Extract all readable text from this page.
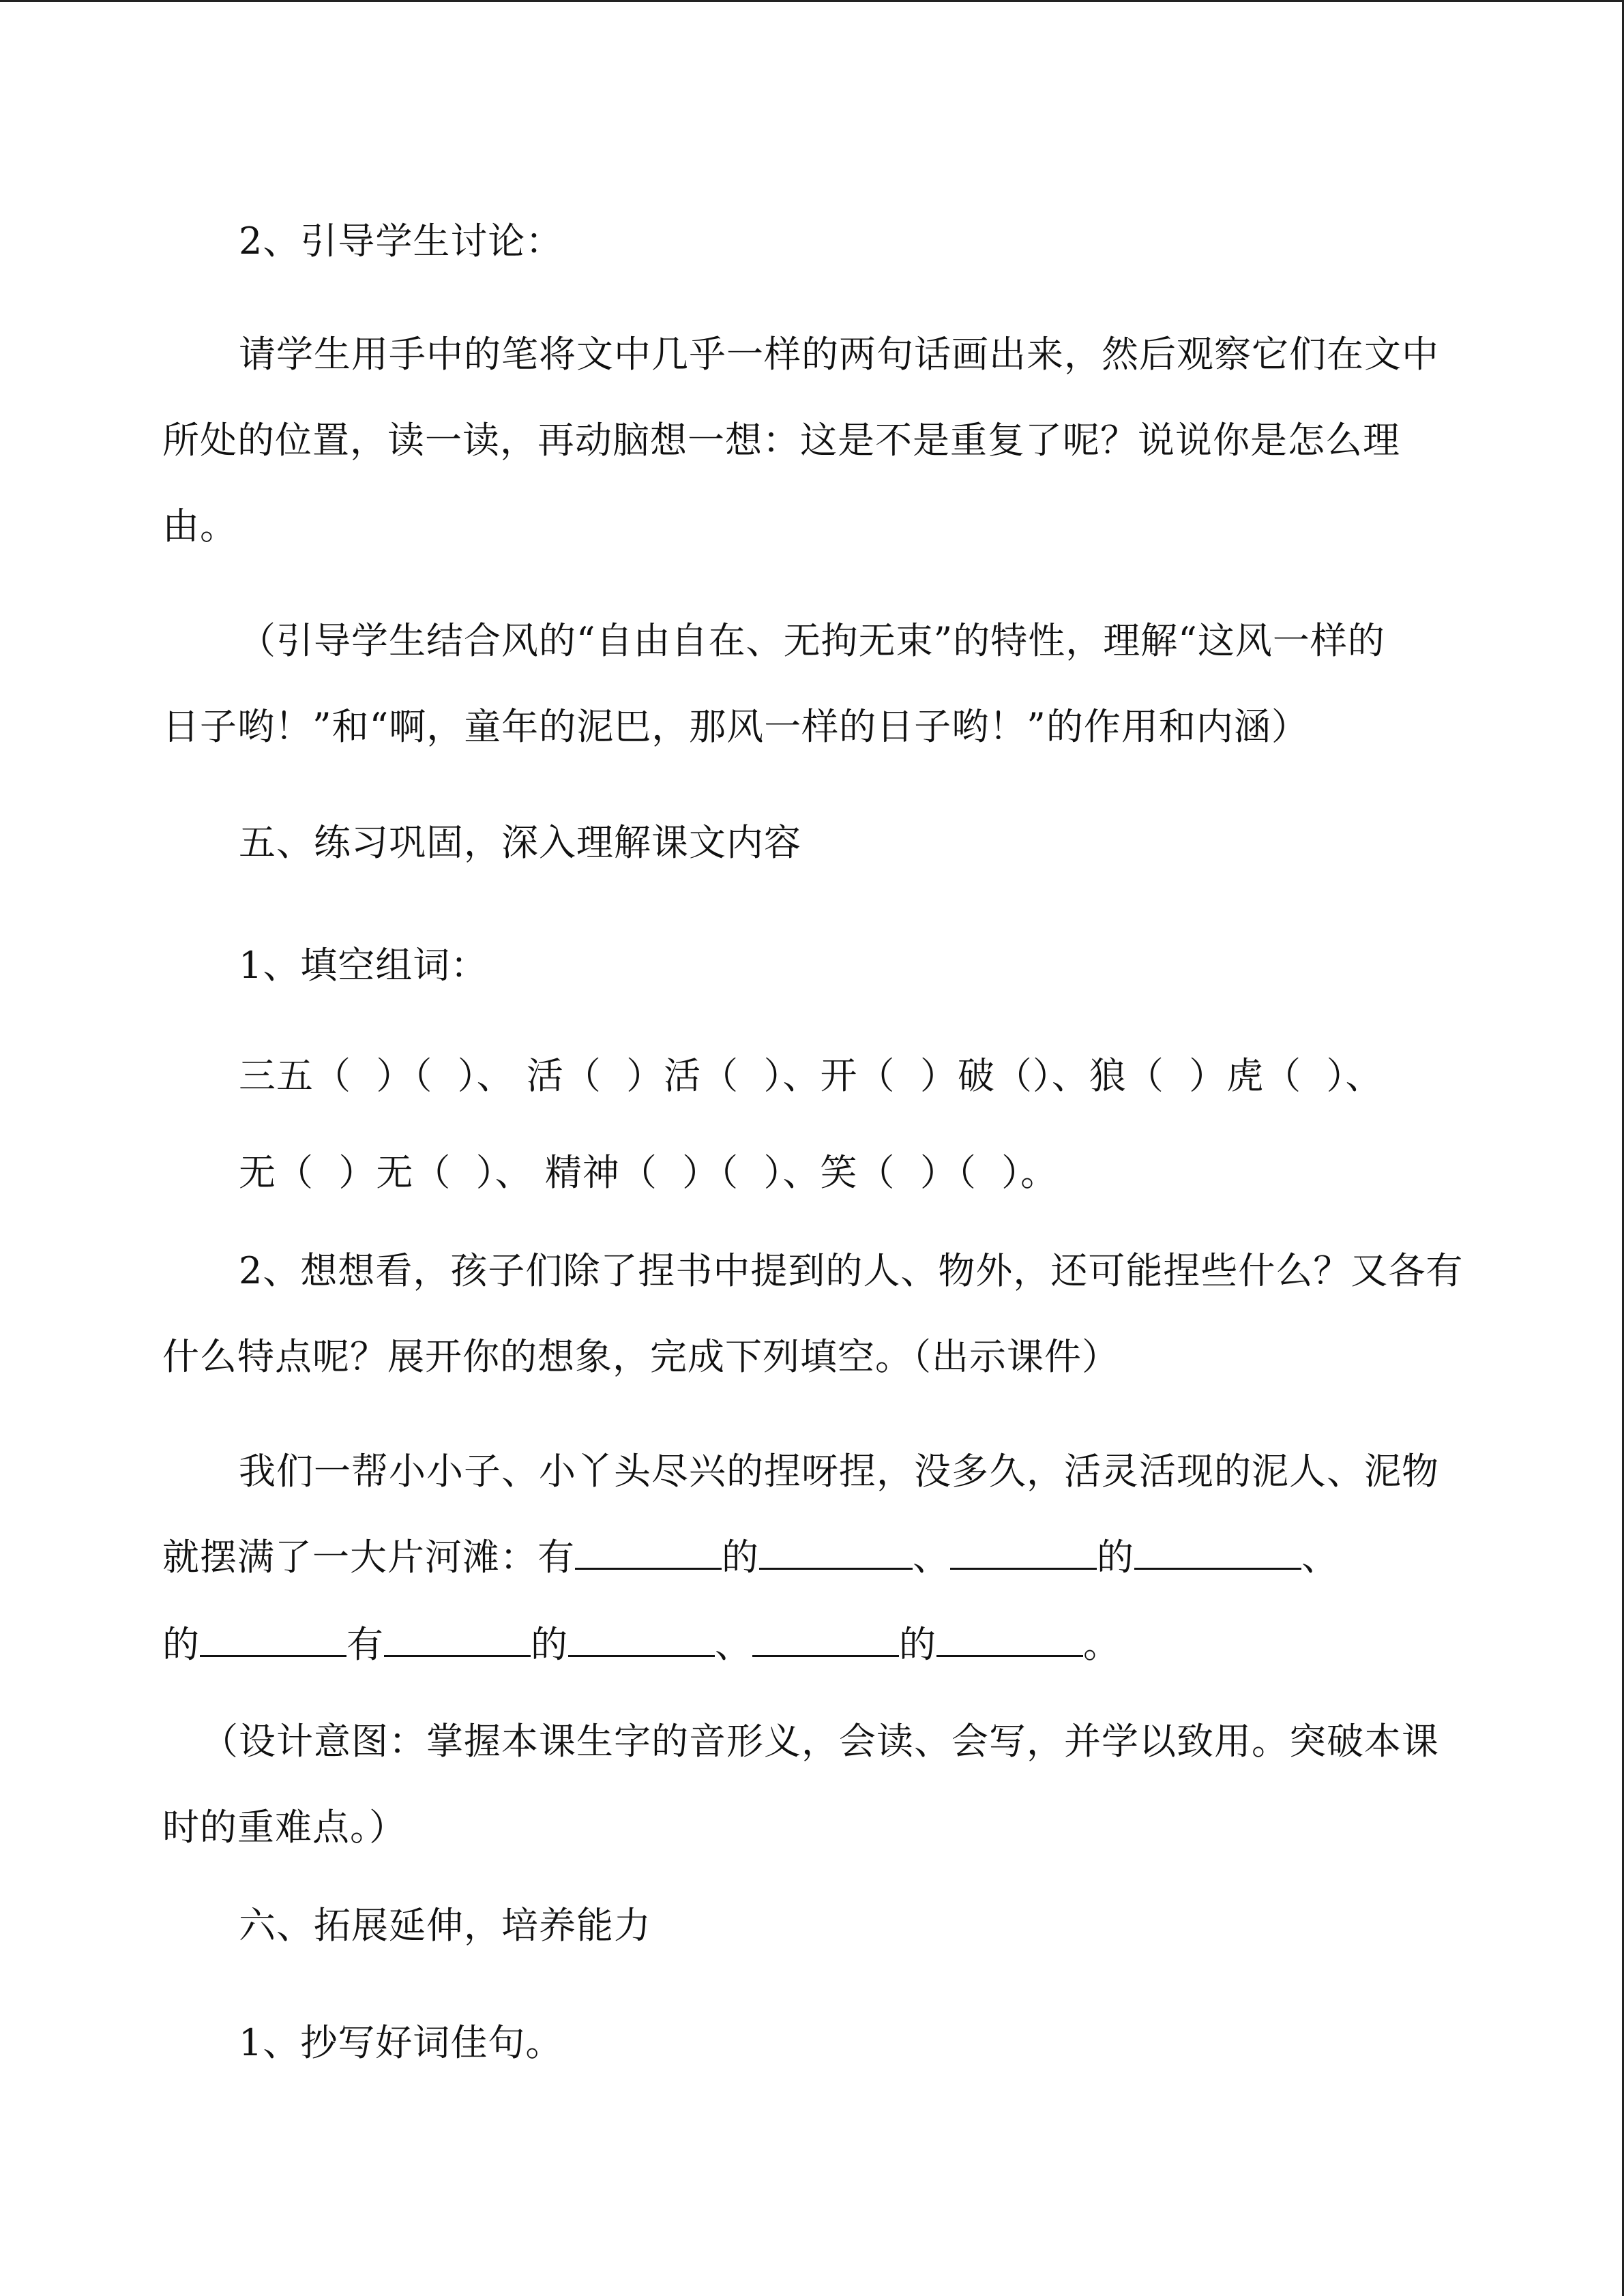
2、引导学生讨论：
请学生用手中的笔将文中几乎一样的两句话画出来，然后观察它们在文中
所处的位置，读一读，再动脑想一想：这是不是重复了呢？说说你是怎么理
由。
（引导学生结合风的“自由自在、无拘无束”的特性，理解“这风一样的
日子哟！”和“啊，童年的泥巴，那风一样的日子哟！”的作用和内涵）
五、练习巩固，深入理解课文内容
1、填空组词：
三五（  ）（  ）、 活（  ）活（  ）、开（  ）破（）、狼（  ）虎（  ）、
无（  ）无（  ）、 精神（  ）（  ）、笑（  ）（  ）。
2、想想看，孩子们除了捏书中提到的人、物外，还可能捏些什么？又各有
什么特点呢？展开你的想象，完成下列填空。（出示课件）
我们一帮小小子、小丫头尽兴的捏呀捏，没多久，活灵活现的泥人、泥物
就摆满了一大片河滩：有	的	、	的	、
的	有	的	、	的	。
（设计意图：掌握本课生字的音形义，会读、会写，并学以致用。突破本课
时的重难点。）
六、拓展延伸，培养能力
1、抄写好词佳句。
